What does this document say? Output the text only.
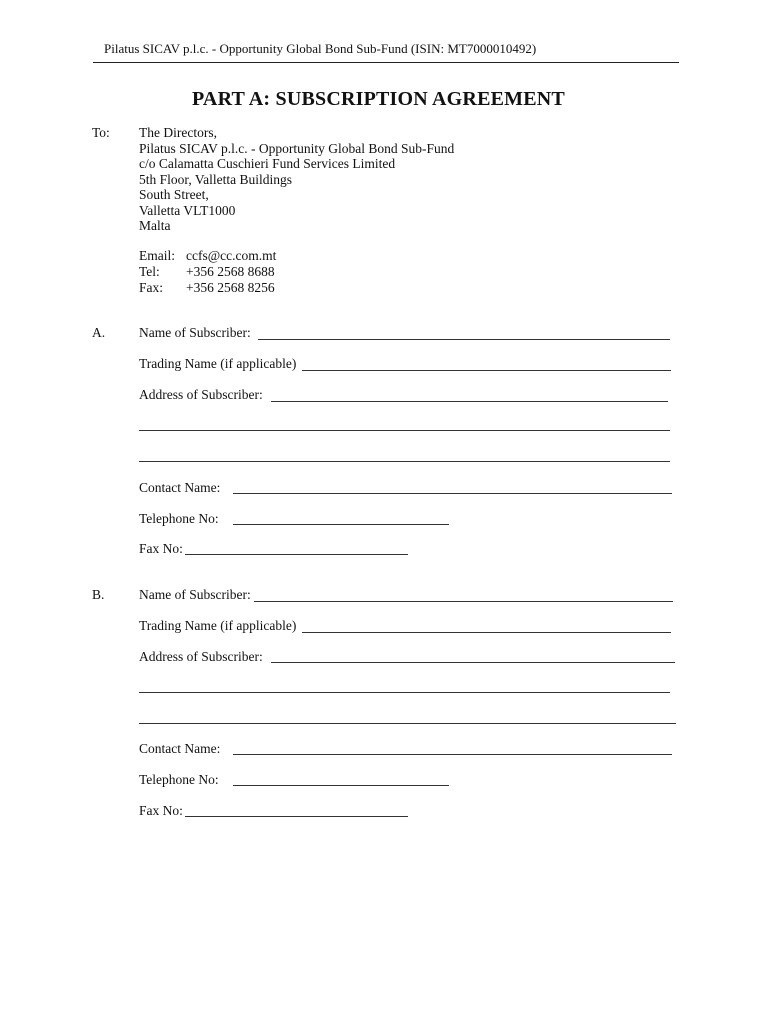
Pilatus SICAV p.l.c. - Opportunity Global Bond Sub-Fund (ISIN: MT7000010492)
PART A: SUBSCRIPTION AGREEMENT
To: The Directors,
Pilatus SICAV p.l.c. - Opportunity Global Bond Sub-Fund
c/o Calamatta Cuschieri Fund Services Limited
5th Floor, Valletta Buildings
South Street,
Valletta VLT1000
Malta
Email: ccfs@cc.com.mt
Tel: +356 2568 8688
Fax: +356 2568 8256
A.	Name of Subscriber:
Trading Name (if applicable)
Address of Subscriber:
Contact Name:
Telephone No:
Fax No:
B.	Name of Subscriber:
Trading Name (if applicable)
Address of Subscriber:
Contact Name:
Telephone No:
Fax No:
